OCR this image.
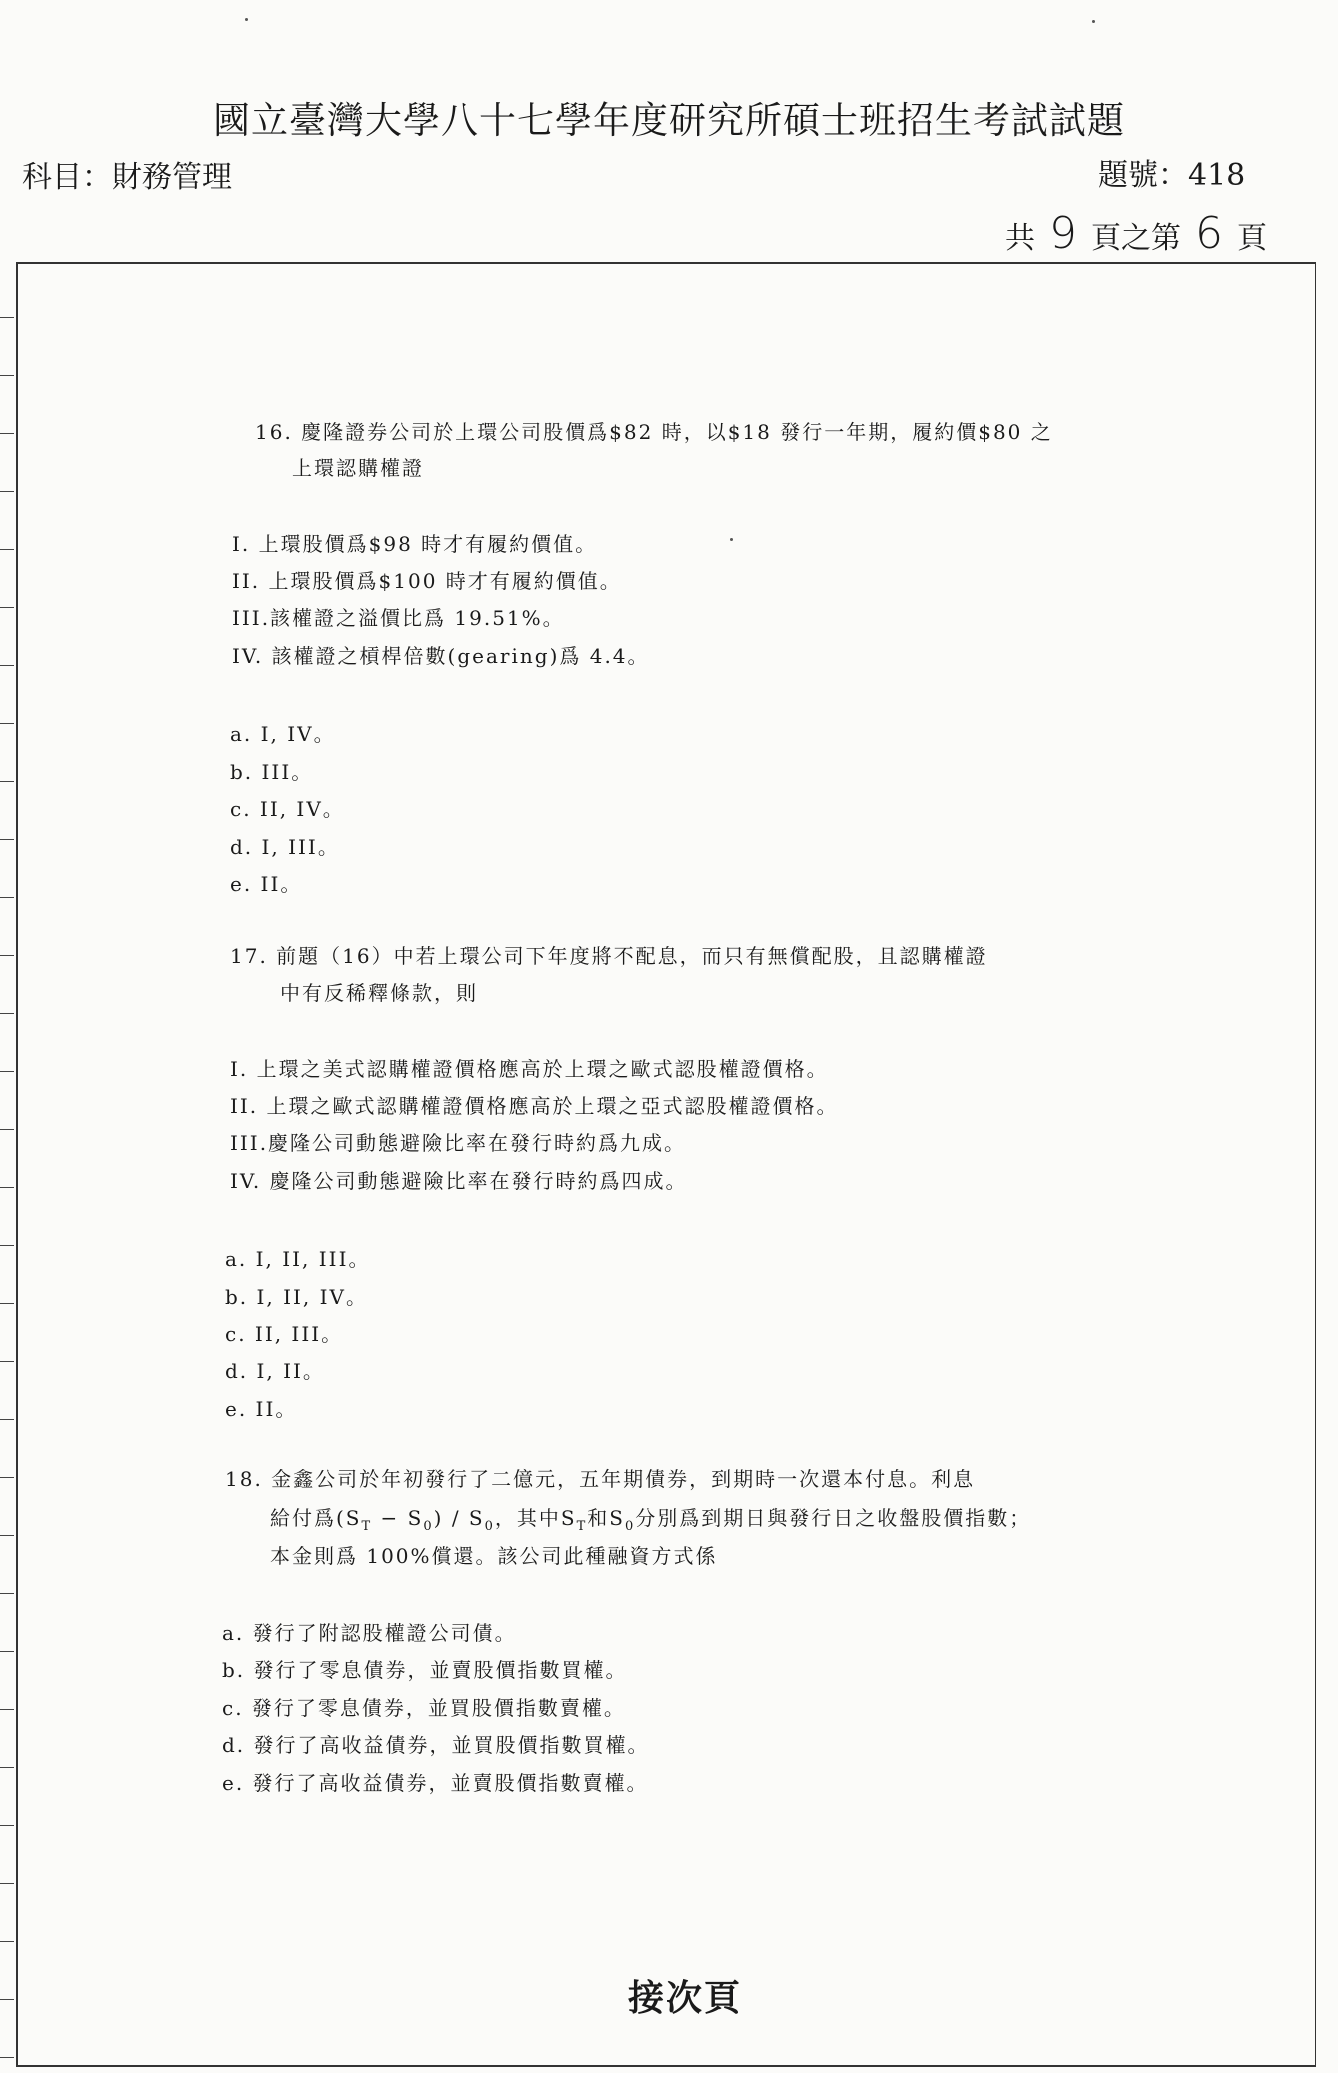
國立臺灣大學八十七學年度研究所碩士班招生考試試題
科目：財務管理	題號：418
共 9 頁之第 6 頁
16. 慶隆證券公司於上環公司股價爲$82 時，以$18 發行一年期，履約價$80 之
上環認購權證
I. 上環股價爲$98 時才有履約價值。
II. 上環股價爲$100 時才有履約價值。
III.該權證之溢價比爲 19.51%。
IV. 該權證之槓桿倍數(gearing)爲 4.4。
a. I, IV。
b. III。
c. II, IV。
d. I, III。
e. II。
17. 前題（16）中若上環公司下年度將不配息，而只有無償配股，且認購權證
中有反稀釋條款，則
I. 上環之美式認購權證價格應高於上環之歐式認股權證價格。
II. 上環之歐式認購權證價格應高於上環之亞式認股權證價格。
III.慶隆公司動態避險比率在發行時約爲九成。
IV. 慶隆公司動態避險比率在發行時約爲四成。
a. I, II, III。
b. I, II, IV。
c. II, III。
d. I, II。
e. II。
18. 金鑫公司於年初發行了二億元，五年期債券，到期時一次還本付息。利息
給付爲$(S_T - S_0) / S_0$，其中$S_T$和$S_0$分別爲到期日與發行日之收盤股價指數；
本金則爲 100%償還。該公司此種融資方式係
a. 發行了附認股權證公司債。
b. 發行了零息債券，並賣股價指數買權。
c. 發行了零息債券，並買股價指數賣權。
d. 發行了高收益債券，並買股價指數買權。
e. 發行了高收益債券，並賣股價指數賣權。
接次頁
